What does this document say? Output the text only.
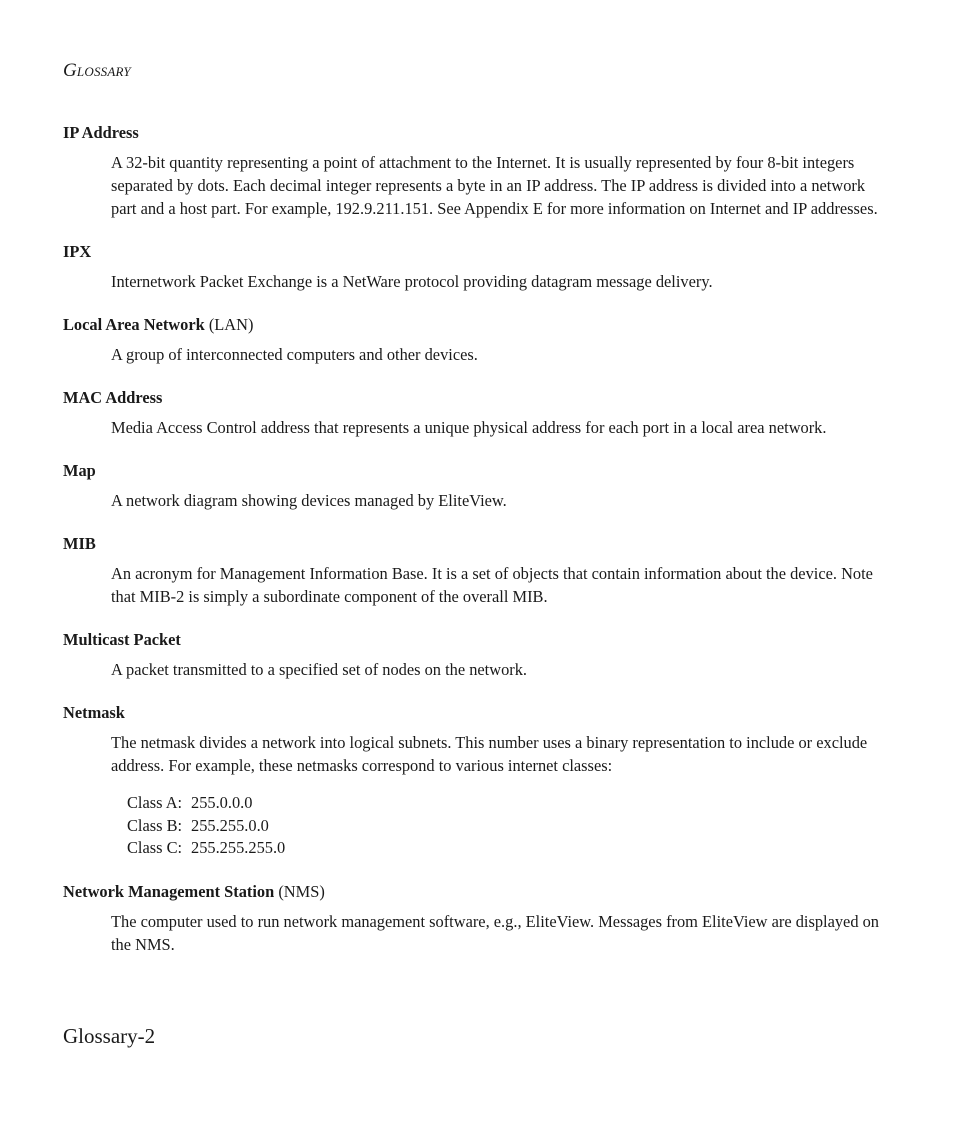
Glossary

IP Address

A 32-bit quantity representing a point of attachment to the Internet. It is usually represented by four 8-bit integers separated by dots. Each decimal integer represents a byte in an IP address. The IP address is divided into a network part and a host part. For example, 192.9.211.151. See Appendix E for more information on Internet and IP addresses.

IPX

Internetwork Packet Exchange is a NetWare protocol providing datagram message delivery.

Local Area Network (LAN)

A group of interconnected computers and other devices.

MAC Address

Media Access Control address that represents a unique physical address for each port in a local area network.

Map

A network diagram showing devices managed by EliteView.

MIB

An acronym for Management Information Base. It is a set of objects that contain information about the device. Note that MIB-2 is simply a subordinate component of the overall MIB.

Multicast Packet

A packet transmitted to a specified set of nodes on the network.

Netmask

The netmask divides a network into logical subnets. This number uses a binary representation to include or exclude address. For example, these netmasks correspond to various internet classes:

Class A: 255.0.0.0
Class B: 255.255.0.0
Class C: 255.255.255.0

Network Management Station (NMS)

The computer used to run network management software, e.g., EliteView. Messages from EliteView are displayed on the NMS.

Glossary-2
